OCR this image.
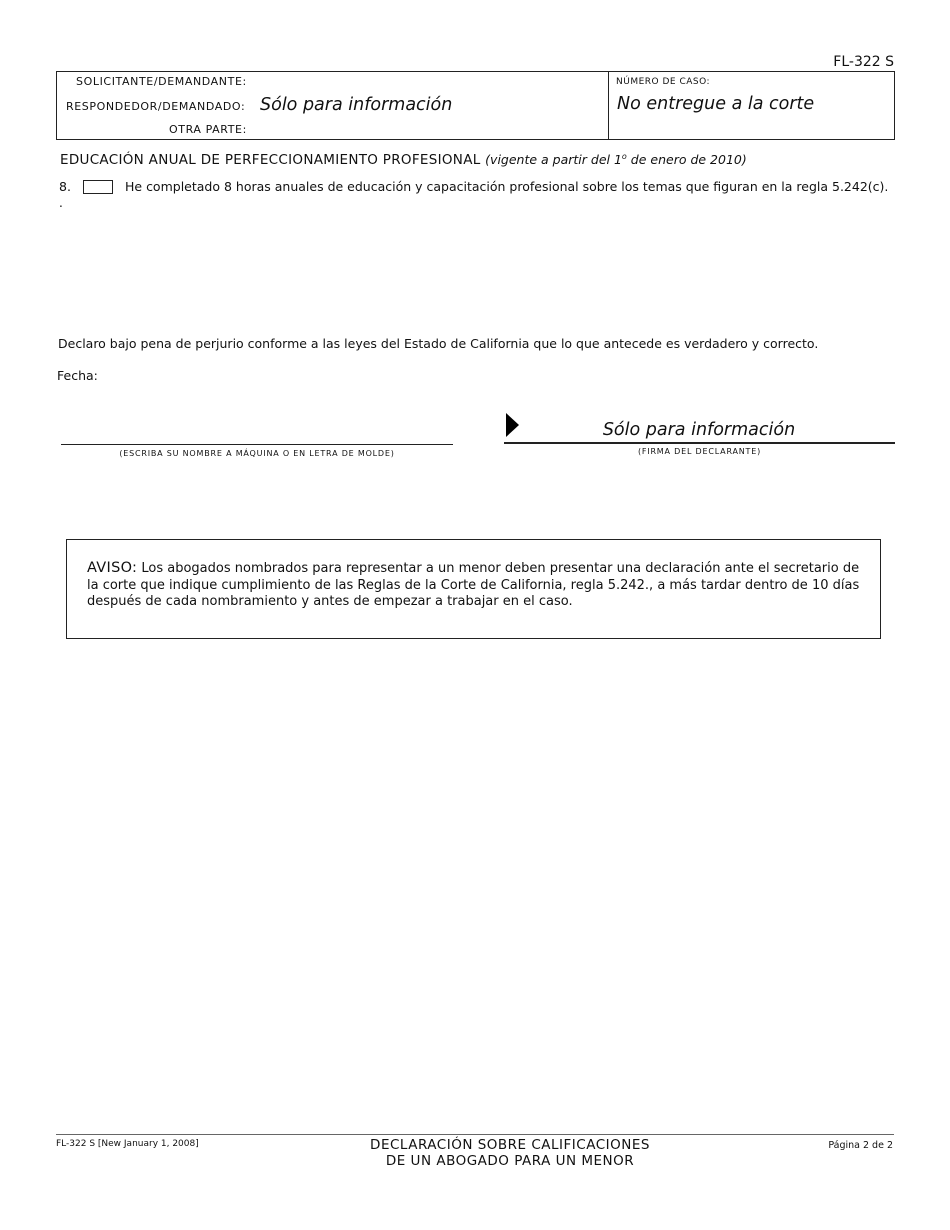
FL-322 S
SOLICITANTE/DEMANDANTE:
RESPONDEDOR/DEMANDADO: Sólo para información
OTRA PARTE:
NÚMERO DE CASO:
No entregue a la corte
EDUCACIÓN ANUAL DE PERFECCIONAMIENTO PROFESIONAL (vigente a partir del 1$^o$ de enero de 2010)
8.
.
He completado 8 horas anuales de educación y capacitación profesional sobre los temas que figuran en la regla 5.242(c).
Declaro bajo pena de perjurio conforme a las leyes del Estado de California que lo que antecede es verdadero y correcto.
Fecha:
(ESCRIBA SU NOMBRE A MÁQUINA O EN LETRA DE MOLDE)
Sólo para información
(FIRMA DEL DECLARANTE)
AVISO: Los abogados nombrados para representar a un menor deben presentar una declaración ante el secretario de la corte que indique cumplimiento de las Reglas de la Corte de California, regla 5.242., a más tardar dentro de 10 días después de cada nombramiento y antes de empezar a trabajar en el caso.
FL-322 S [New January 1, 2008]	DECLARACIÓN SOBRE CALIFICACIONES
DE UN ABOGADO PARA UN MENOR
Página 2 de 2
